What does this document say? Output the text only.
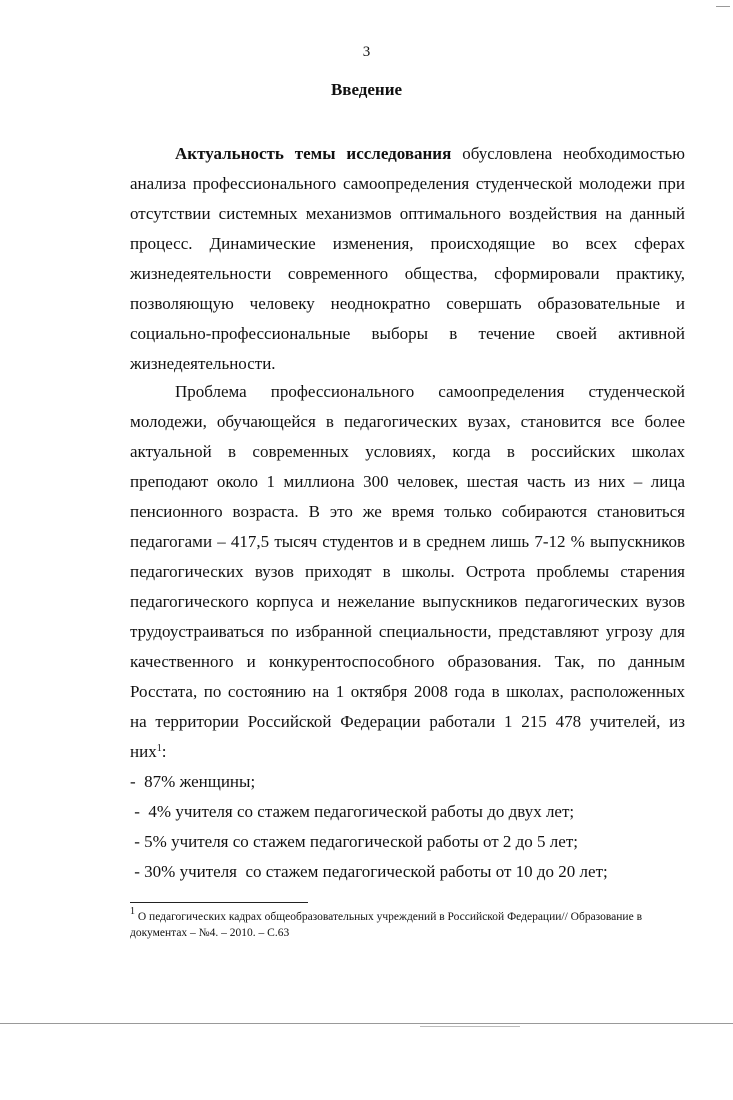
3
Введение
Актуальность темы исследования обусловлена необходимостью
анализа профессионального самоопределения студенческой молодежи при
отсутствии системных механизмов оптимального воздействия на данный
процесс. Динамические изменения, происходящие во всех сферах
жизнедеятельности современного общества, сформировали практику,
позволяющую человеку неоднократно совершать образовательные и
социально-профессиональные выборы в течение своей активной
жизнедеятельности.
Проблема профессионального самоопределения студенческой
молодежи, обучающейся в педагогических вузах, становится все более
актуальной в современных условиях, когда в российских школах
преподают около 1 миллиона 300 человек, шестая часть из них – лица
пенсионного возраста. В это же время только собираются становиться
педагогами – 417,5 тысяч студентов и в среднем лишь 7-12 % выпускников
педагогических вузов приходят в школы. Острота проблемы старения
педагогического корпуса и нежелание выпускников педагогических вузов
трудоустраиваться по избранной специальности, представляют угрозу для
качественного и конкурентоспособного образования. Так, по данным
Росстата, по состоянию на 1 октября 2008 года в школах, расположенных
на территории Российской Федерации работали 1 215 478 учителей, из
них$^1$:
-  87% женщины;
-  4% учителя со стажем педагогической работы до двух лет;
- 5% учителя со стажем педагогической работы от 2 до 5 лет;
- 30% учителя  со стажем педагогической работы от 10 до 20 лет;
$^1$ О педагогических кадрах общеобразовательных учреждений в Российской Федерации// Образование в
документах – №4. – 2010. – С.63
